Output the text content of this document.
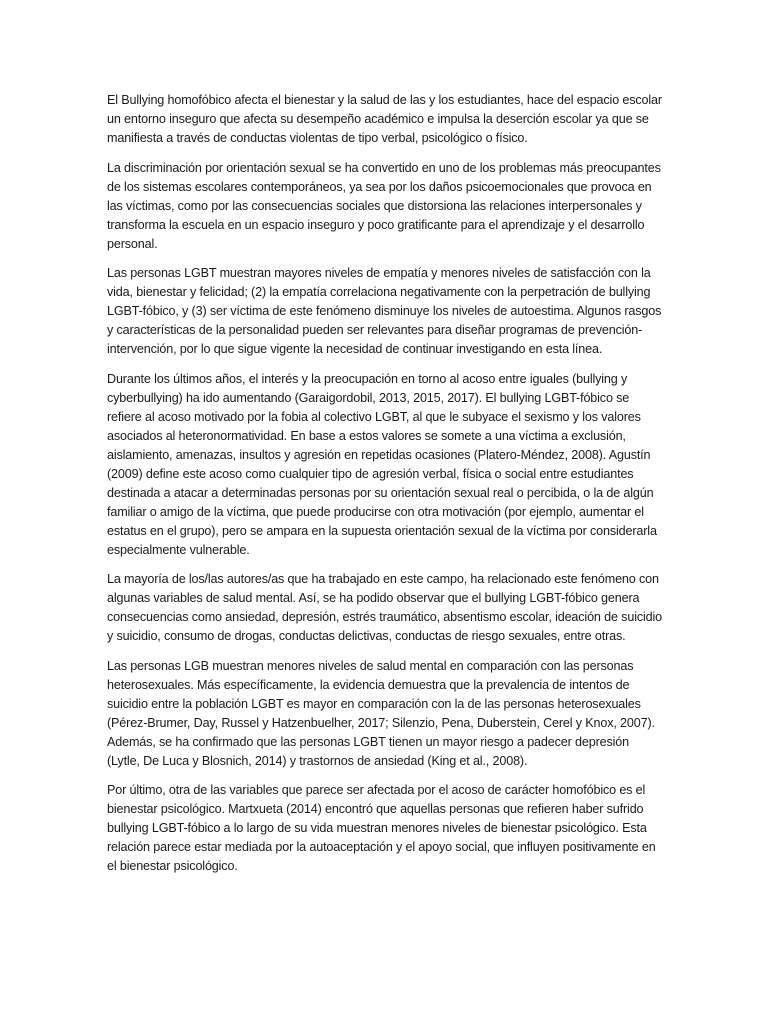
El Bullying homofóbico afecta el bienestar y la salud de las y los estudiantes, hace del espacio escolar un entorno inseguro que afecta su desempeño académico e impulsa la deserción escolar ya que se manifiesta a través de conductas violentas de tipo verbal, psicológico o físico.

La discriminación por orientación sexual se ha convertido en uno de los problemas más preocupantes de los sistemas escolares contemporáneos, ya sea por los daños psicoemocionales que provoca en las víctimas, como por las consecuencias sociales que distorsiona las relaciones interpersonales y transforma la escuela en un espacio inseguro y poco gratificante para el aprendizaje y el desarrollo personal.

Las personas LGBT muestran mayores niveles de empatía y menores niveles de satisfacción con la vida, bienestar y felicidad; (2) la empatía correlaciona negativamente con la perpetración de bullying LGBT-fóbico, y (3) ser víctima de este fenómeno disminuye los niveles de autoestima. Algunos rasgos y características de la personalidad pueden ser relevantes para diseñar programas de prevención-intervención, por lo que sigue vigente la necesidad de continuar investigando en esta línea.

Durante los últimos años, el interés y la preocupación en torno al acoso entre iguales (bullying y cyberbullying) ha ido aumentando (Garaigordobil, 2013, 2015, 2017). El bullying LGBT-fóbico se refiere al acoso motivado por la fobia al colectivo LGBT, al que le subyace el sexismo y los valores asociados al heteronormatividad. En base a estos valores se somete a una víctima a exclusión, aislamiento, amenazas, insultos y agresión en repetidas ocasiones (Platero-Méndez, 2008). Agustín (2009) define este acoso como cualquier tipo de agresión verbal, física o social entre estudiantes destinada a atacar a determinadas personas por su orientación sexual real o percibida, o la de algún familiar o amigo de la víctima, que puede producirse con otra motivación (por ejemplo, aumentar el estatus en el grupo), pero se ampara en la supuesta orientación sexual de la víctima por considerarla especialmente vulnerable.

La mayoría de los/las autores/as que ha trabajado en este campo, ha relacionado este fenómeno con algunas variables de salud mental. Así, se ha podido observar que el bullying LGBT-fóbico genera consecuencias como ansiedad, depresión, estrés traumático, absentismo escolar, ideación de suicidio y suicidio, consumo de drogas, conductas delictivas, conductas de riesgo sexuales, entre otras.

Las personas LGB muestran menores niveles de salud mental en comparación con las personas heterosexuales. Más específicamente, la evidencia demuestra que la prevalencia de intentos de suicidio entre la población LGBT es mayor en comparación con la de las personas heterosexuales (Pérez-Brumer, Day, Russel y Hatzenbuelher, 2017; Silenzio, Pena, Duberstein, Cerel y Knox, 2007). Además, se ha confirmado que las personas LGBT tienen un mayor riesgo a padecer depresión (Lytle, De Luca y Blosnich, 2014) y trastornos de ansiedad (King et al., 2008).

Por último, otra de las variables que parece ser afectada por el acoso de carácter homofóbico es el bienestar psicológico. Martxueta (2014) encontró que aquellas personas que refieren haber sufrido bullying LGBT-fóbico a lo largo de su vida muestran menores niveles de bienestar psicológico. Esta relación parece estar mediada por la autoaceptación y el apoyo social, que influyen positivamente en el bienestar psicológico.
